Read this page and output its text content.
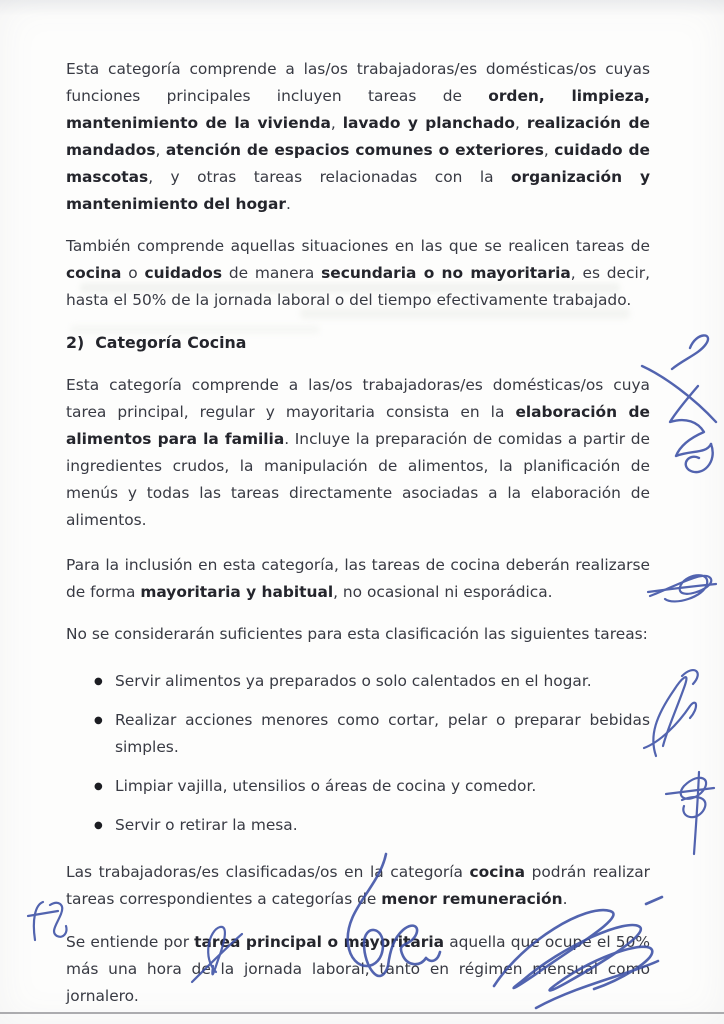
Esta categoría comprende a las/os trabajadoras/es domésticas/os cuyas funciones principales incluyen tareas de orden, limpieza, mantenimiento de la vivienda, lavado y planchado, realización de mandados, atención de espacios comunes o exteriores, cuidado de mascotas, y otras tareas relacionadas con la organización y mantenimiento del hogar.

También comprende aquellas situaciones en las que se realicen tareas de cocina o cuidados de manera secundaria o no mayoritaria, es decir, hasta el 50% de la jornada laboral o del tiempo efectivamente trabajado.

2)  Categoría Cocina

Esta categoría comprende a las/os trabajadoras/es domésticas/os cuya tarea principal, regular y mayoritaria consista en la elaboración de alimentos para la familia. Incluye la preparación de comidas a partir de ingredientes crudos, la manipulación de alimentos, la planificación de menús y todas las tareas directamente asociadas a la elaboración de alimentos.

Para la inclusión en esta categoría, las tareas de cocina deberán realizarse de forma mayoritaria y habitual, no ocasional ni esporádica.

No se considerarán suficientes para esta clasificación las siguientes tareas:

● Servir alimentos ya preparados o solo calentados en el hogar.
● Realizar acciones menores como cortar, pelar o preparar bebidas simples.
● Limpiar vajilla, utensilios o áreas de cocina y comedor.
● Servir o retirar la mesa.

Las trabajadoras/es clasificadas/os en la categoría cocina podrán realizar tareas correspondientes a categorías de menor remuneración.

Se entiende por tarea principal o mayoritaria aquella que ocupe el 50% más una hora de la jornada laboral, tanto en régimen mensual como jornalero.
